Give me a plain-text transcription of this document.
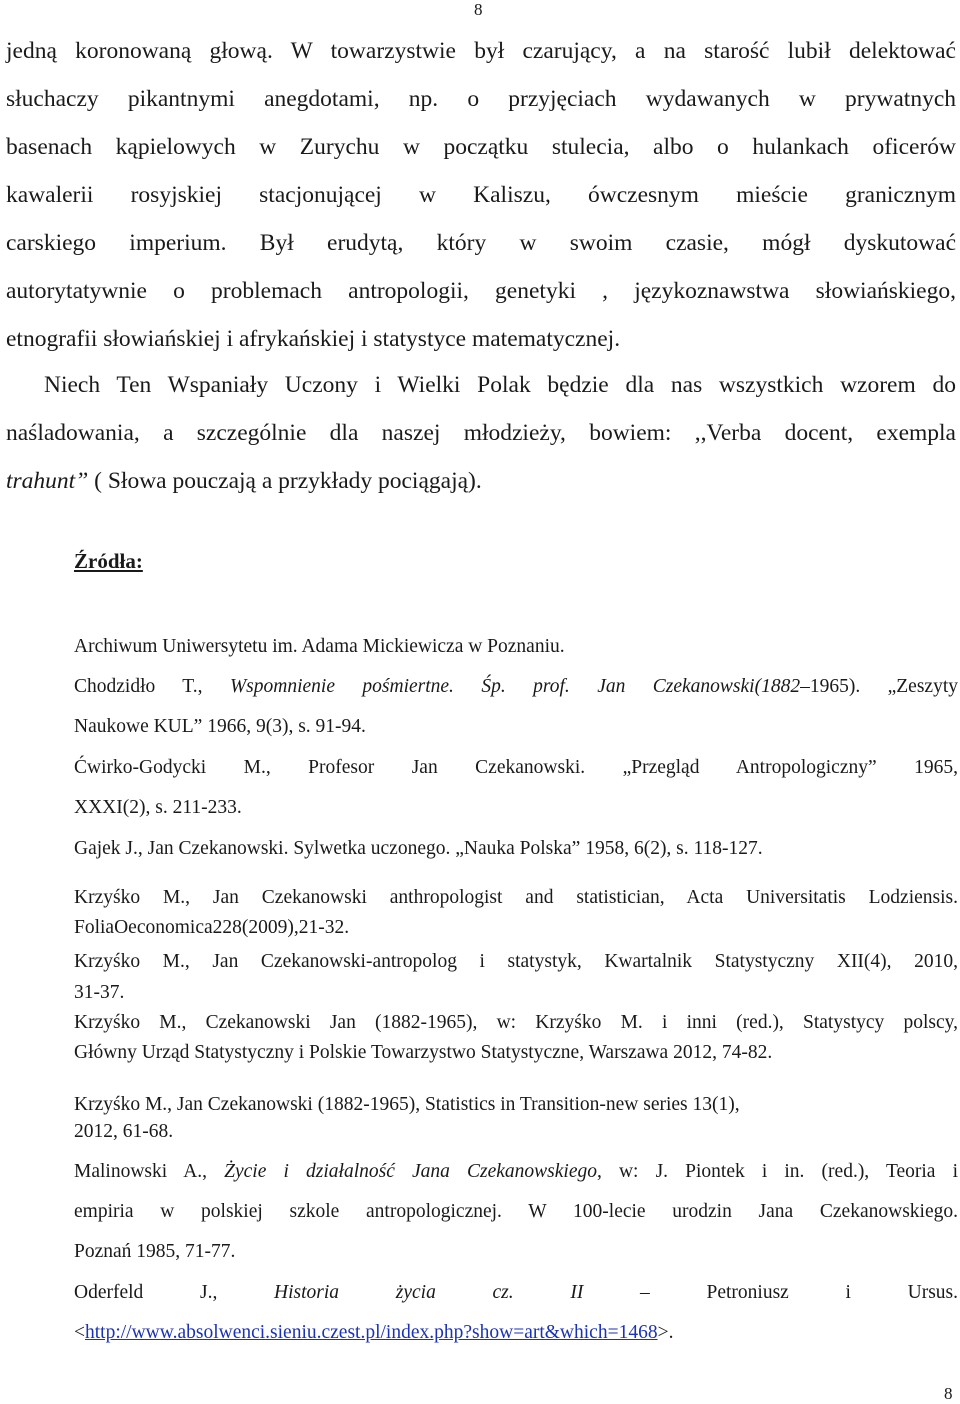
8
jedną koronowaną głową. W towarzystwie był czarujący, a na starość lubił delektować
słuchaczy pikantnymi anegdotami, np. o przyjęciach wydawanych w prywatnych
basenach kąpielowych w Zurychu w początku stulecia, albo o hulankach oficerów
kawalerii rosyjskiej stacjonującej w Kaliszu, ówczesnym mieście granicznym
carskiego imperium. Był erudytą, który w swoim czasie, mógł dyskutować
autorytatywnie o problemach antropologii, genetyki , językoznawstwa słowiańskiego,
etnografii słowiańskiej i afrykańskiej i statystyce matematycznej.
Niech Ten Wspaniały Uczony i Wielki Polak będzie dla nas wszystkich wzorem do
naśladowania, a szczególnie dla naszej młodzieży, bowiem: ,,Verba docent, exempla
trahunt” ( Słowa pouczają a przykłady pociągają).
Źródła:
Archiwum Uniwersytetu im. Adama Mickiewicza w Poznaniu.
Chodzidło T., Wspomnienie pośmiertne. Śp. prof. Jan Czekanowski(1882–1965). „Zeszyty
Naukowe KUL” 1966, 9(3), s. 91-94.
Ćwirko-Godycki M., Profesor Jan Czekanowski. „Przegląd Antropologiczny” 1965,
XXXI(2), s. 211-233.
Gajek J., Jan Czekanowski. Sylwetka uczonego. „Nauka Polska” 1958, 6(2), s. 118-127.
Krzyśko M., Jan Czekanowski anthropologist and statistician, Acta Universitatis Lodziensis.
FoliaOeconomica228(2009),21-32.
Krzyśko M., Jan Czekanowski-antropolog i statystyk, Kwartalnik Statystyczny XII(4), 2010,
31-37.
Krzyśko M., Czekanowski Jan (1882-1965), w: Krzyśko M. i inni (red.), Statystycy polscy,
Główny Urząd Statystyczny i Polskie Towarzystwo Statystyczne, Warszawa 2012, 74-82.
Krzyśko M., Jan Czekanowski (1882-1965), Statistics in Transition-new series 13(1),
2012, 61-68.
Malinowski A., Życie i działalność Jana Czekanowskiego, w: J. Piontek i in. (red.), Teoria i
empiria w polskiej szkole antropologicznej. W 100-lecie urodzin Jana Czekanowskiego.
Poznań 1985, 71-77.
Oderfeld J., Historia życia cz. II – Petroniusz i Ursus.
<http://www.absolwenci.sieniu.czest.pl/index.php?show=art&which=1468>.
8
